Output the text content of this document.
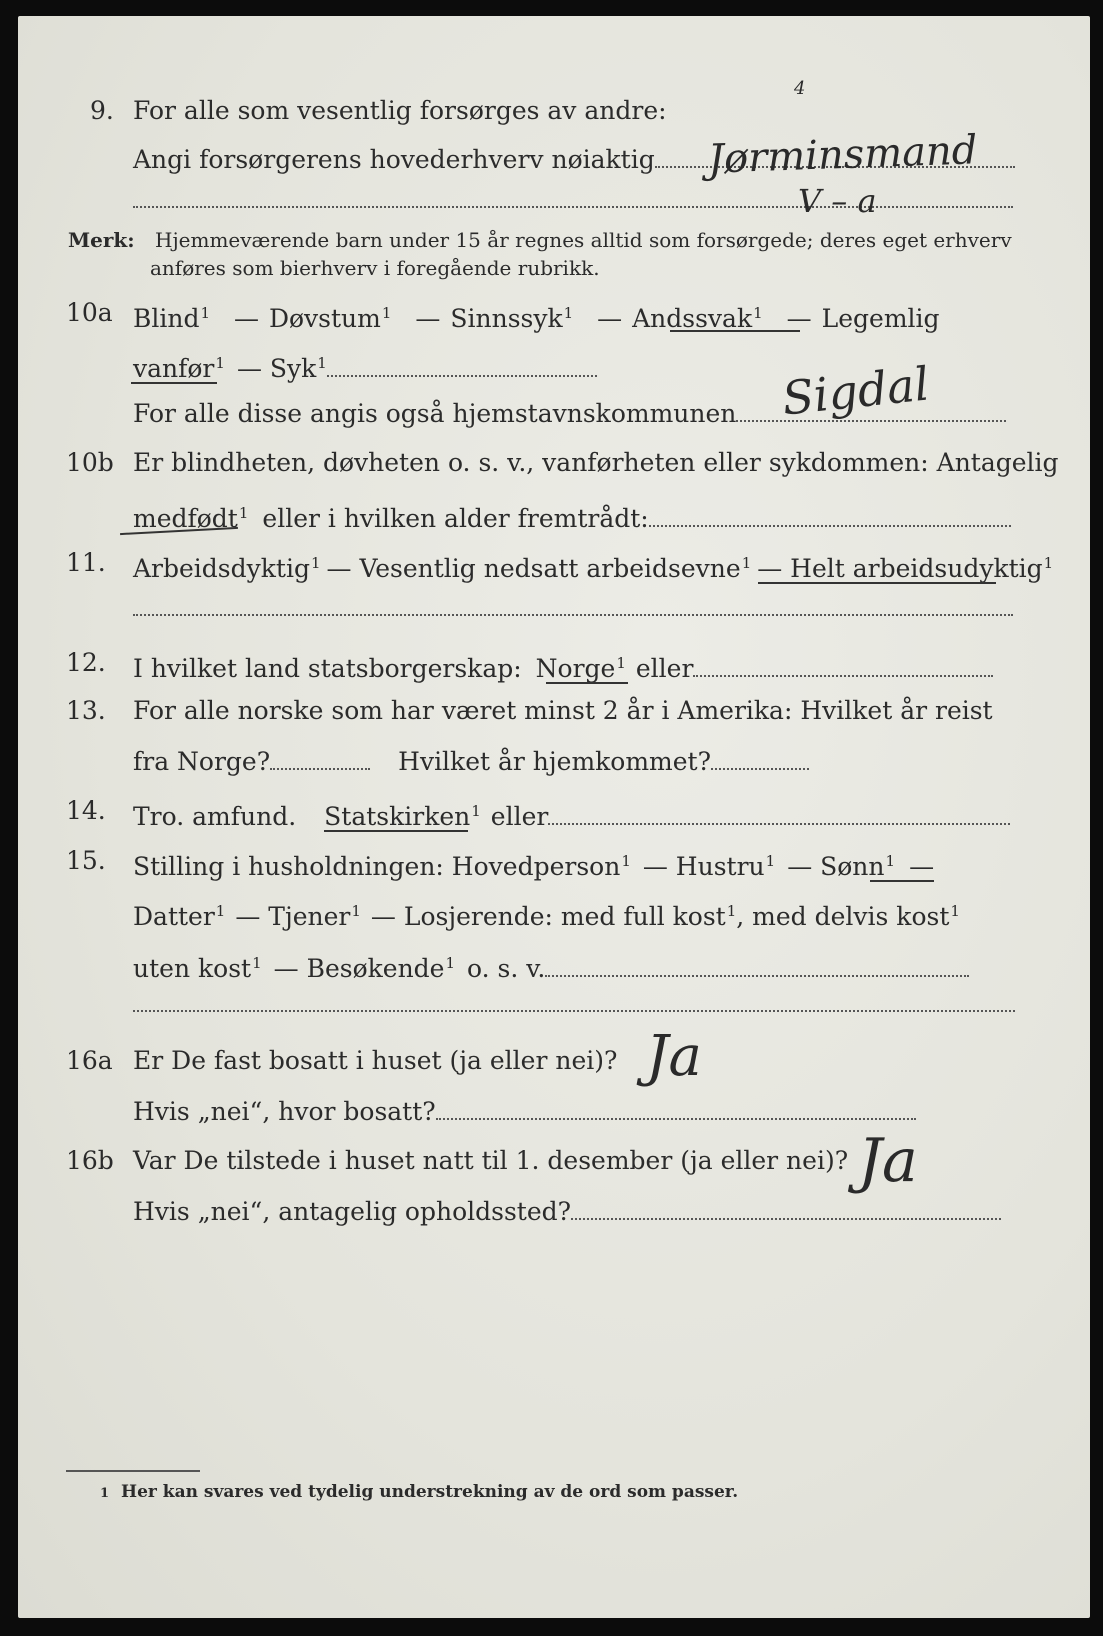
9. For alle som vesentlig forsørges av andre:
Angi forsørgerens hovederhverv nøiaktig	Jørminsmand
V – a
4
Merk: Hjemmeværende barn under 15 år regnes alltid som forsørgede; deres eget erhverv
anføres som bierhverv i foregående rubrikk.
10a Blind$^1$ — Døvstum$^1$ — Sinnssyk$^1$ — Andssvak$^1$ — Legemlig
vanfør$^1$ — Syk$^1$
For alle disse angis også hjemstavnskommunen Sigdal
10b Er blindheten, døvheten o. s. v., vanførheten eller sykdommen: Antagelig
medfødt$^1$ eller i hvilken alder fremtrådt:
11. Arbeidsdyktig$^1$ — Vesentlig nedsatt arbeidsevne$^1$ — Helt arbeidsudyktig$^1$
12. I hvilket land statsborgerskap: Norge$^1$ eller
13. For alle norske som har været minst 2 år i Amerika: Hvilket år reist
fra Norge?	Hvilket år hjemkommet?
14. Tro. amfund. Statskirken$^1$ eller
15. Stilling i husholdningen: Hovedperson$^1$ — Hustru$^1$ — Sønn$^1$ —
Datter$^1$ — Tjener$^1$ — Losjerende: med full kost$^1$, med delvis kost$^1$
uten kost$^1$ — Besøkende$^1$ o. s. v.
16a Er De fast bosatt i huset (ja eller nei)?
Hvis „nei“, hvor bosatt?
Ja
16b Var De tilstede i huset natt til 1. desember (ja eller nei)?
Hvis „nei“, antagelig opholdssted?
Ja
1 Her kan svares ved tydelig understrekning av de ord som passer.
